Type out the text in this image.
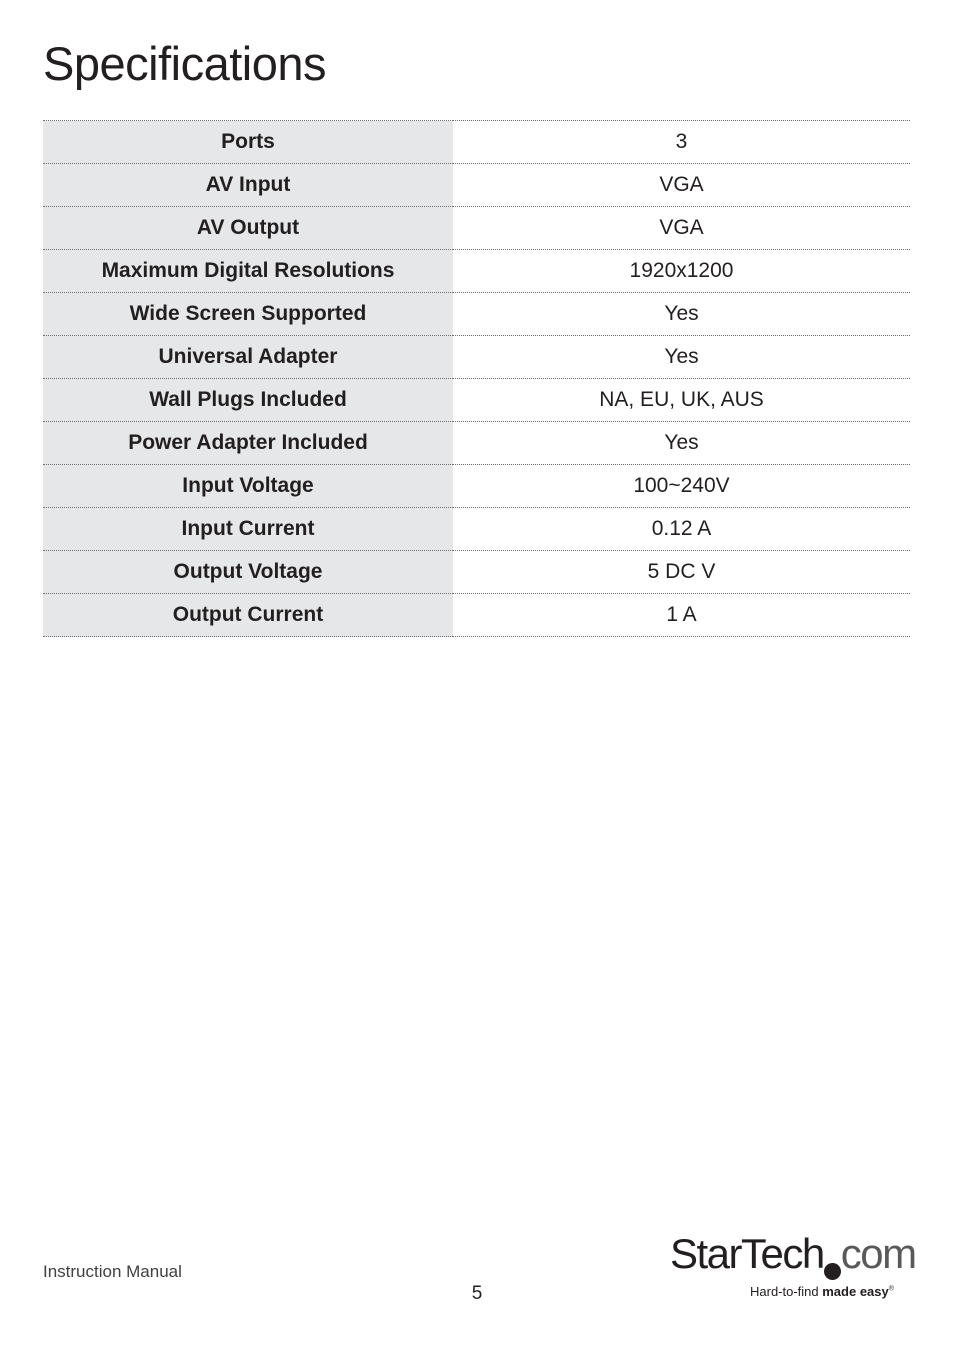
Specifications
Ports	3
AV Input	VGA
AV Output	VGA
Maximum Digital Resolutions	1920x1200
Wide Screen Supported	Yes
Universal Adapter	Yes
Wall Plugs Included	NA, EU, UK, AUS
Power Adapter Included	Yes
Input Voltage	100~240V
Input Current	0.12 A
Output Voltage	5 DC V
Output Current	1 A
Instruction Manual
5
StarTech com
Hard-to-find made easy®
